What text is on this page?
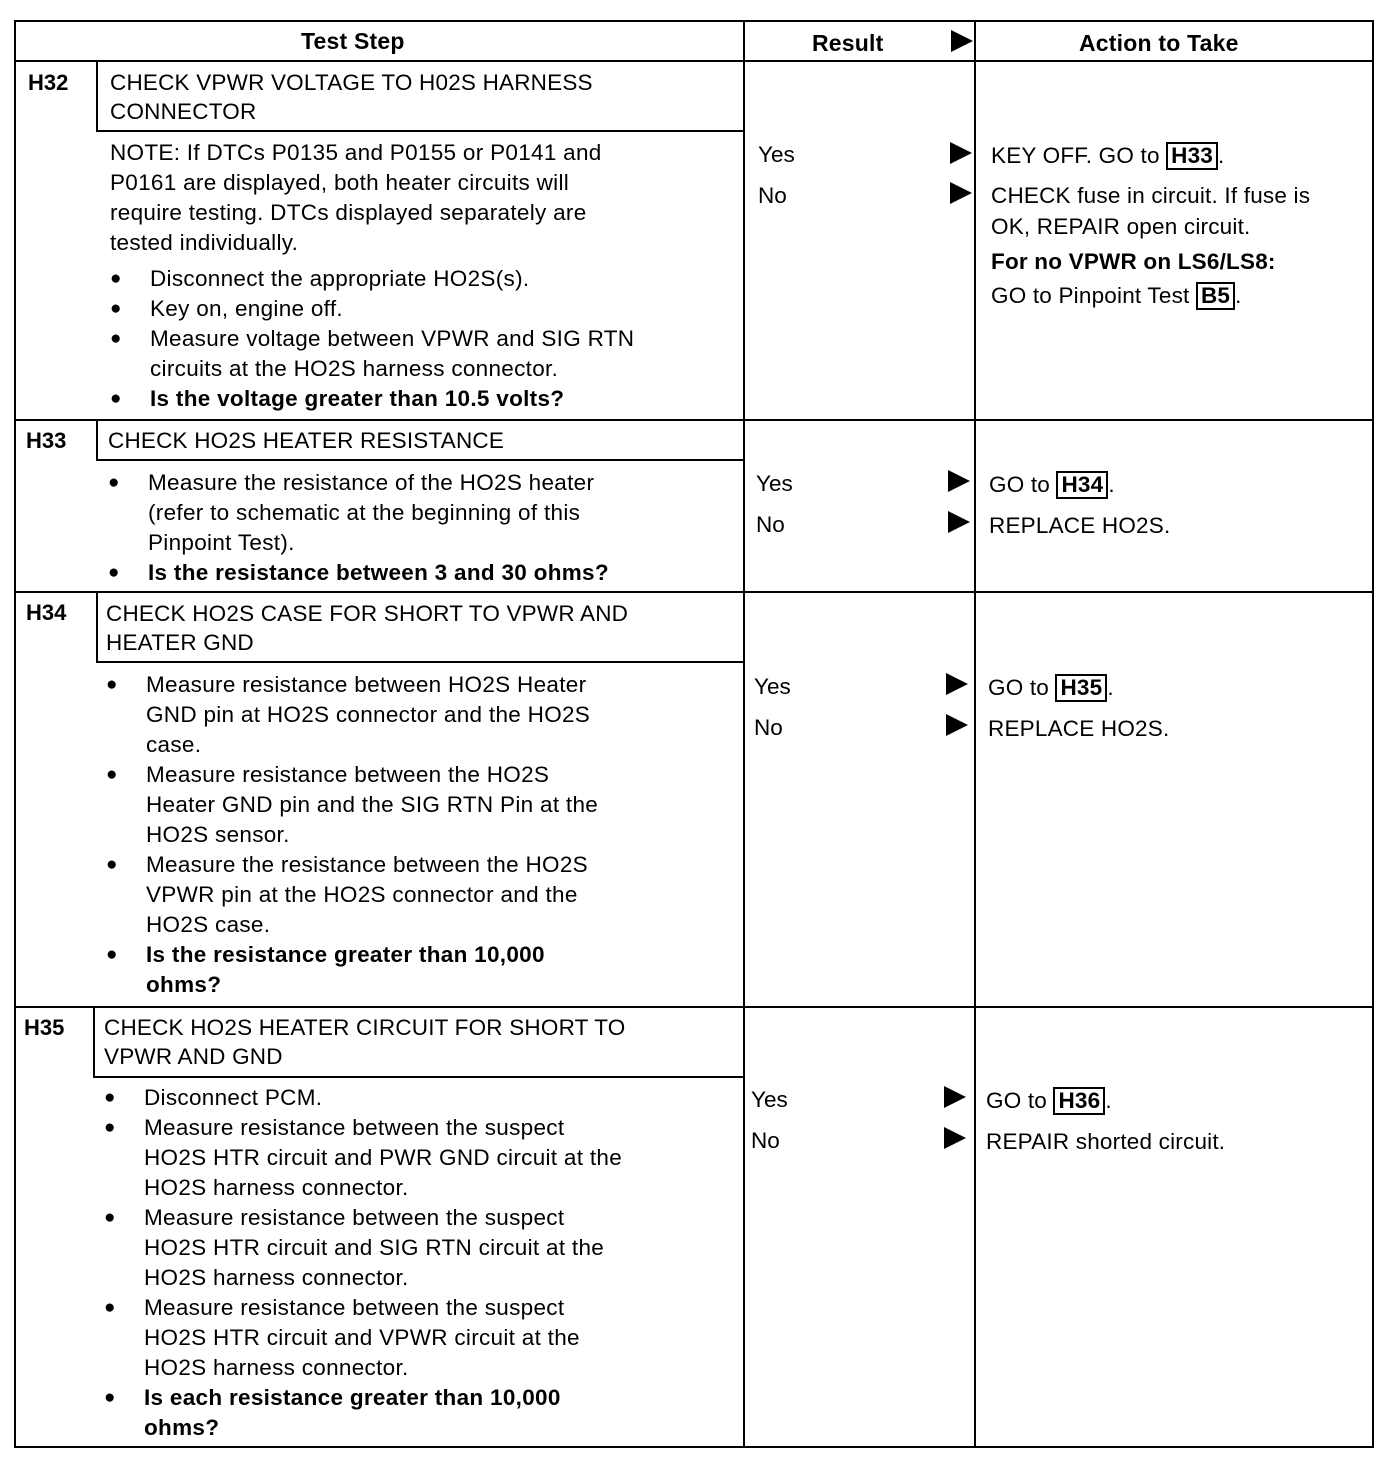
Test Step	Result	Action to Take
H32 CHECK VPWR VOLTAGE TO H02S HARNESS
CONNECTOR
NOTE: If DTCs P0135 and P0155 or P0141 and
P0161 are displayed, both heater circuits will
require testing. DTCs displayed separately are
tested individually.
● Disconnect the appropriate HO2S(s).
● Key on, engine off.
● Measure voltage between VPWR and SIG RTN
circuits at the HO2S harness connector.
● Is the voltage greater than 10.5 volts?
Yes
No
KEY OFF. GO to H33 .
CHECK fuse in circuit. If fuse is
OK, REPAIR open circuit.
For no VPWR on LS6/LS8:
GO to Pinpoint Test B5 .
H33 CHECK HO2S HEATER RESISTANCE
● Measure the resistance of the HO2S heater
(refer to schematic at the beginning of this
Pinpoint Test).
● Is the resistance between 3 and 30 ohms?
Yes
No
GO to H34 .
REPLACE HO2S.
H34 CHECK HO2S CASE FOR SHORT TO VPWR AND
HEATER GND
● Measure resistance between HO2S Heater
GND pin at HO2S connector and the HO2S
case.
● Measure resistance between the HO2S
Heater GND pin and the SIG RTN Pin at the
HO2S sensor.
● Measure the resistance between the HO2S
VPWR pin at the HO2S connector and the
HO2S case.
● Is the resistance greater than 10,000
ohms?
Yes
No
GO to H35 .
REPLACE HO2S.
H35 CHECK HO2S HEATER CIRCUIT FOR SHORT TO
VPWR AND GND
● Disconnect PCM.
● Measure resistance between the suspect
HO2S HTR circuit and PWR GND circuit at the
HO2S harness connector.
● Measure resistance between the suspect
HO2S HTR circuit and SIG RTN circuit at the
HO2S harness connector.
● Measure resistance between the suspect
HO2S HTR circuit and VPWR circuit at the
HO2S harness connector.
● Is each resistance greater than 10,000
ohms?
Yes
No
GO to H36 .
REPAIR shorted circuit.
